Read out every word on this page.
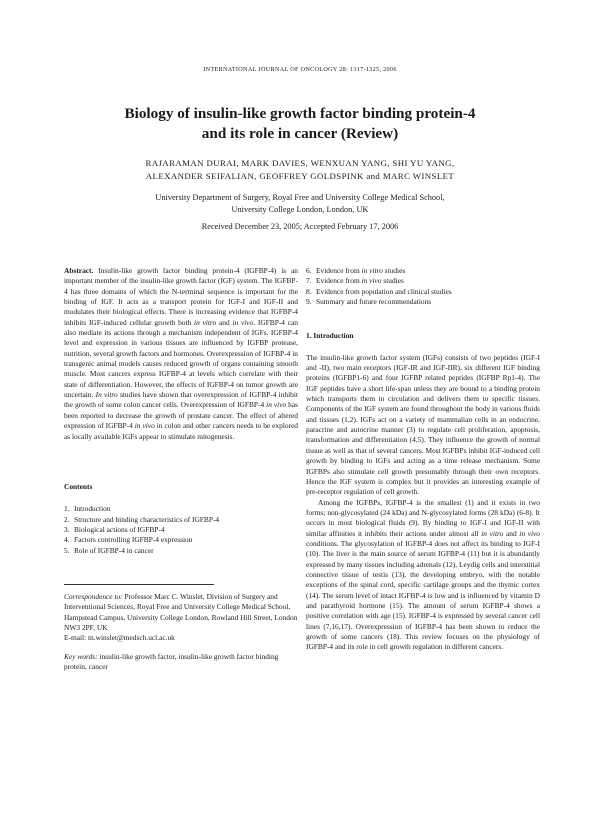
INTERNATIONAL JOURNAL OF ONCOLOGY 28: 1317-1325, 2006
Biology of insulin-like growth factor binding protein-4
and its role in cancer (Review)
RAJARAMAN DURAI, MARK DAVIES, WENXUAN YANG, SHI YU YANG,
ALEXANDER SEIFALIAN, GEOFFREY GOLDSPINK and MARC WINSLET
University Department of Surgery, Royal Free and University College Medical School,
University College London, London, UK
Received December 23, 2005; Accepted February 17, 2006

Abstract. Insulin-like growth factor binding protein-4 (IGFBP-4) is an important member of the insulin-like growth factor (IGF) system. The IGFBP-4 has three domains of which the N-terminal sequence is important for the binding of IGF. It acts as a transport protein for IGF-I and IGF-II and modulates their biological effects. There is increasing evidence that IGFBP-4 inhibits IGF-induced cellular growth both in vitro and in vivo. IGFBP-4 can also mediate its actions through a mechanism independent of IGFs. IGFBP-4 level and expression in various tissues are influenced by IGFBP protease, nutrition, several growth factors and hormones. Overexpression of IGFBP-4 in transgenic animal models causes reduced growth of organs containing smooth muscle. Most cancers express IGFBP-4 at levels which correlate with their state of differentiation. However, the effects of IGFBP-4 on tumor growth are uncertain. In vitro studies have shown that overexpression of IGFBP-4 inhibit the growth of some colon cancer cells. Overexpression of IGFBP-4 in vivo has been reported to decrease the growth of prostate cancer. The effect of altered expression of IGFBP-4 in vivo in colon and other cancers needs to be explored as locally available IGFs appear to stimulate mitogenesis.

Contents
1. Introduction
2. Structure and binding characteristics of IGFBP-4
3. Biological actions of IGFBP-4
4. Factors controlling IGFBP-4 expression
5. Role of IGFBP-4 in cancer

Correspondence to: Professor Marc C. Winslet, Division of Surgery and Interventional Sciences, Royal Free and University College Medical School, Hampstead Campus, University College London, Rowland Hill Street, London NW3 2PF, UK

E-mail: m.winslet@medsch.ucl.ac.uk

Key words: insulin-like growth factor, insulin-like growth factor binding protein, cancer

6. Evidence from in vitro studies
7. Evidence from in vivo studies
8. Evidence from population and clinical studies
9. Summary and future recommendations
1. Introduction

The insulin-like growth factor system (IGFs) consists of two peptides (IGF-I and -II), two main receptors (IGF-IR and IGF-IIR), six different IGF binding proteins (IGFBP1-6) and four IGFBP related peptides (IGFBP Rp1-4). The IGF peptides have a short life-span unless they are bound to a binding protein which transports them in circulation and delivers them to specific tissues. Components of the IGF system are found throughout the body in various fluids and tissues (1,2). IGFs act on a variety of mammalian cells in an endocrine, paracrine and autocrine manner (3) to regulate cell proliferation, apoptosis, transformation and differentiation (4,5). They influence the growth of normal tissue as well as that of several cancers. Most IGFBPs inhibit IGF-induced cell growth by binding to IGFs and acting as a time release mechanism. Some IGFBPs also stimulate cell growth presumably through their own receptors. Hence the IGF system is complex but it provides an interesting example of pre-receptor regulation of cell growth.

Among the IGFBPs, IGFBP-4 is the smallest (1) and it exists in two forms; non-glycosylated (24 kDa) and N-glycosylated forms (28 kDa) (6-8). It occurs in most biological fluids (9). By binding to IGF-I and IGF-II with similar affinities it inhibits their actions under almost all in vitro and in vivo conditions. The glycosylation of IGFBP-4 does not affect its binding to IGF-I (10). The liver is the main source of serum IGFBP-4 (11) but it is abundantly expressed by many tissues including adrenals (12), Leydig cells and interstitial connective tissue of testis (13), the developing embryo, with the notable exceptions of the spinal cord, specific cartilage groups and the thymic cortex (14). The serum level of intact IGFBP-4 is low and is influenced by vitamin D and parathyroid hormone (15). The amount of serum IGFBP-4 shows a positive correlation with age (15). IGFBP-4 is expressed by several cancer cell lines (7,16,17). Overexpression of IGFBP-4 has been shown to reduce the growth of some cancers (18). This review focuses on the physiology of IGFBP-4 and its role in cell growth regulation in different cancers.
